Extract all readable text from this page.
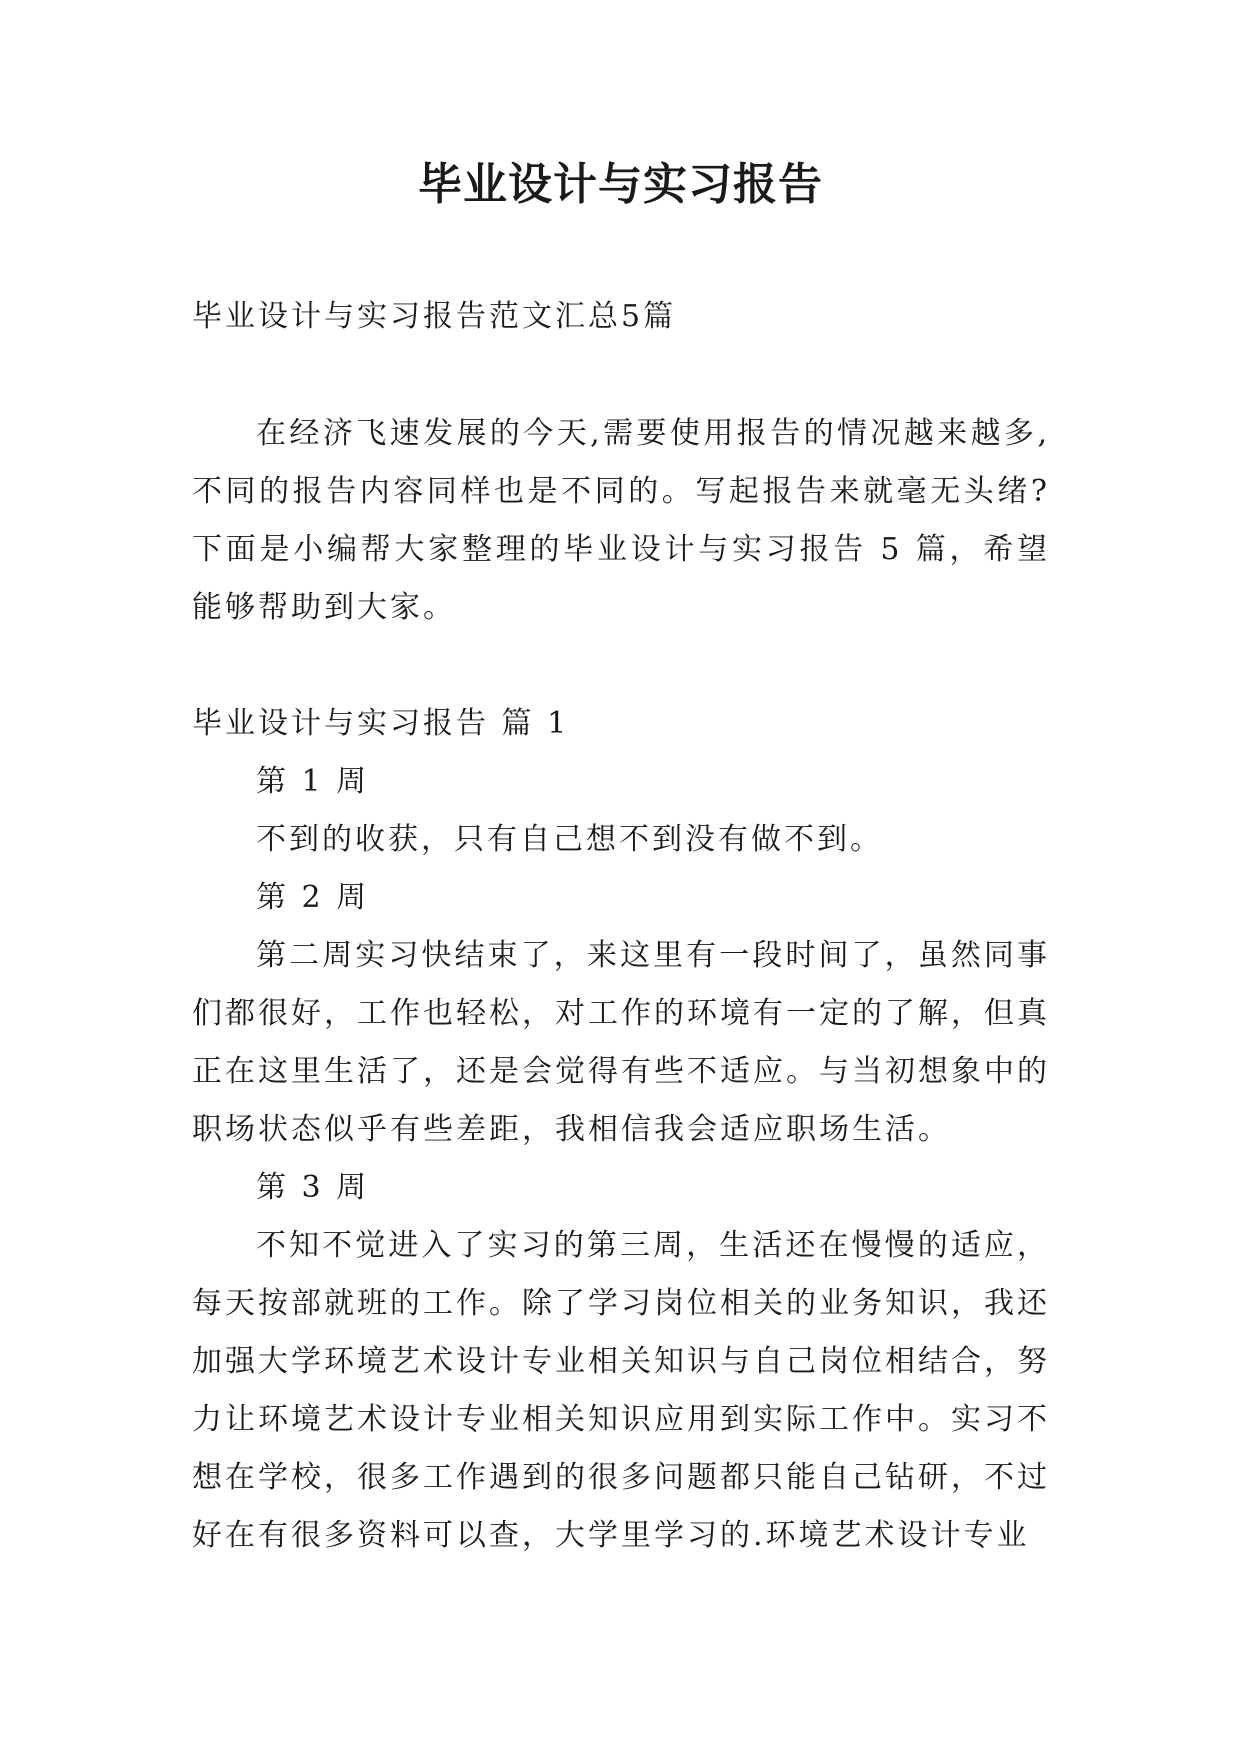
毕业设计与实习报告
毕业设计与实习报告范文汇总5篇

在经济飞速发展的今天,需要使用报告的情况越来越多,不同的报告内容同样也是不同的。写起报告来就毫无头绪?下面是小编帮大家整理的毕业设计与实习报告 5 篇，希望能够帮助到大家。

毕业设计与实习报告 篇 1

第 1 周

不到的收获，只有自己想不到没有做不到。

第 2 周

第二周实习快结束了，来这里有一段时间了，虽然同事们都很好，工作也轻松，对工作的环境有一定的了解，但真正在这里生活了，还是会觉得有些不适应。与当初想象中的职场状态似乎有些差距，我相信我会适应职场生活。

第 3 周

不知不觉进入了实习的第三周，生活还在慢慢的适应，每天按部就班的工作。除了学习岗位相关的业务知识，我还加强大学环境艺术设计专业相关知识与自己岗位相结合，努力让环境艺术设计专业相关知识应用到实际工作中。实习不想在学校，很多工作遇到的很多问题都只能自己钻研，不过好在有很多资料可以查，大学里学习的.环境艺术设计专业
